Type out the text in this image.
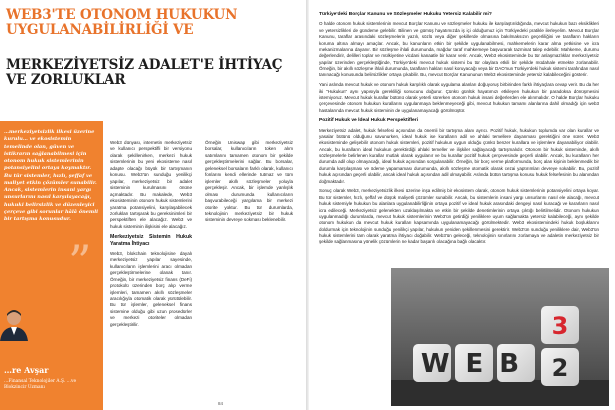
WEB3'TE OTONOM HUKUKUN UYGULANABİLİRLİĞİ VE
MERKEZİYETSİZ ADALET'E İHTİYAÇ VE ZORLUKLAR
…merkeziyetsizlik ilkesi üzerine kurulu… ve ekosistemin temelinde olan, güven ve istikrarın sağlanabilmesi için otonom hukuk sistemlerinin potansiyelini ortaya koymaktır. Bu tür sistemler, hızlı, şeffaf ve maliyet etkin çözümler sunabilir. Ancak, sistemlerin insani yargı unsurlarını nasıl karşılayacağı, hukuki belirsizlik ve düzenleyici çerçeve gibi sorunlar hâlâ önemli bir tartışma konusudur.
”
…re Avşar
…Finansal Teknolojiler A.Ş. …ve Blokzincir Uzmanı

Web3 dünyası, internetin merkeziyetsiz ve kullanıcı perspektifli bir versiyonu olarak şekillenirken, merkezi hukuk sistemlerinin bu yeni ekosisteme nasıl adapte olacağı büyük bir tartışmanın konusu. Web3'ün sunduğu yenilikçi yapılar, merkeziyetsiz bir adalet sisteminin kurulmasını önüne açmaktadır. Bu makalede, Web3 ekosisteminin otonom hukuk sistemlerini yaratma potansiyelini, karşılaşabilecek zorlukları tartışarak bu gereksinimleri bir perspektiften ele alacağız. Web3 ve hukuk sisteminin ilişkisini ele alacağız.

Merkeziyetsiz Sistemin Hukuk Yaratma İhtiyacı

Web3, blokchain teknolojisine dayalı merkeziyetsiz yapılar sayesinde, kullanıcıların işlemlerini aracı olmadan gerçekleştirmelerine olanak tanır. Örneğin, bir merkeziyetsiz finans (DeFi) protokolü üzerinden borç alıp verme işlemleri, tamamen akıllı sözleşmeler aracılığıyla otomatik olarak yürütülebilir. Bu tür işlemler, geleneksel finans sistemine olduğu gibi uzun prosedürler ve merkezi otoriteler olmadan gerçekleştirilir.

Örneğin Uniswap gibi merkeziyetsiz borsalar, kullanıcıların token alım satımlarını tamamen otonom bir şekilde gerçekleştirmelerini sağlar. Bu borsalar, geleneksel borsaların farklı olarak, kullanıcı fonlarını kendi ellerinde tutmaz ve tüm işlemler akıllı sözleşmeler yoluyla gerçekleşir. Ancak, bir işlemde yanlışlık olması durumunda kullanıcıların başvurabileceği yargılama bir merkezi otorite yoktur. Bu tür durumlarda, teknolojinin merkeziyetsiz bir hukuk sisteminin devreye sokması beklenebilir.

84
Türkiye'deki Borçlar Kanunu ve Sözleşmeler Hukuku Yetersiz Kalabilir mi?

O halde otonom hukuk sistemlerinin mevcut Borçlar Kanunu ve sözleşmeler hukuku ile karşılaştırıldığında, mevcut hukukun bazı eksiklikleri ve yetersizlikleri de gündeme gelebilir. Bilinen ve gümüş hayatımızda iş içi olduğumuz için Türkiyedeki pratikle ilerleyelim. Mevcut Borçlar Kanunu, taraflar arasındaki sözleşmelerin yazılı, sözlü veya diğer şekillerde olmasına bakılmaksızın geçerliliğini ve tarafların hakların koruma altına almayı amaçlar. Ancak, bu kanunların etkin bir şekilde uygulanabilmesi, mahkemelerin karar alma yetkisine ve icra mekanizmalarına dayanır. Bir sözleşme ihlali durumunda, mağdur taraf mahkemeye başvurarak tazminat talep edebilir. Mahkeme, durumu değerlendirir, delilleri toplar ve mülkiyetine vicdani kanaatle bir karar verir. Ancak, Web3 ekosisteminde bu tür anlaşmazlıklar merkeziyetsiz yapılar üzerinden gerçekleştiğinde, Türkiye'deki mevcut hukuk sistemi bu tür olaylara etkili bir şekilde müdahale etmekte zorlanabilir. Örneğin, bir akıllı sözleşme ihlali durumunda, tarafların hakları nasıl koruyacağı veya bir DAO'nun Türkiye'deki hukuk sistemi tarafından nasıl tanınacağı konusunda belirsizlikler ortaya çıkabilir. Bu, mevcut Borçlar Kanununun Web3 ekosisteminde yetersiz kalabileceğini gösterir.

Yani aslında mevcut hukuk ve otonom hukuk karşılıklı olarak uygulama alanları doğuyoruş birbirinden farklı ihtiyaçlara cevap verir. Bu da her iki "Hukukun" aynı yapısıyla gerekliliği sonucunu doğurur. Çünkü günlük hayatımızı etkileyen hukukun bir paradoksa dönüşmesini istemiyoruz. Mevcut hukuk kurallar bütünü olarak yeterli sürerken otonom hukuk insani değerlerden ele alınmalıdır. O halde Borçlar hukuku çerçevesinde otonom hukukun kurallarını uygulanmaya beklenmeyeceği gibi, mevcut hukukun tamamı alanlarına dahil olmadığı için web3 hastalarında mevcut hukuk sisteminin de uygulanamayacağı görülmüştür.

Pozitif Hukuk ve İdeal Hukuk Perspektifleri

Merkeziyetsiz adalet, hukuk felsefesi açısından da önemli bir tartışma alanı ayrıcı. Pozitif hukuk, hukukun toplumda var olan kurallar ve yasalar bütünü olduğunu savunurken, ideal hukuk ise kuralların adil ve ahlaki temellere dayanması gerektiğini öne sürer. Web3 ekosisteminde gelişebilir otonom hukuk sistemleri, pozitif hukukun uygun olduğu çünkü benzer kurallara ve işlemlere dayanabiliyor olabilir. Ancak, bu kuralların ideal hukukun gerektirdiği ahlaki temeller ve ilişkiler sağlayacağı tartışmalıdır. Otonom bir hukuk sisteminde, akıllı sözleşmelerle belirlenen kurallar mutlak olarak uygulanır ve bu kurallar pozitif hukuk çerçevesinde geçerli olabilir. Ancak, bu kuralların her durumda adil olup olmayacağı, ideal hukuk açısından sorgulanabilir. Örneğin, bir borç verme platformunda, borç alan kişinin beklenmedik bir durumla karşılaşması ve ödeme yapamaması durumunda, akıllı sözleşme otomatik olarak cezai yaptırımları devreye sokabilir. Bu, pozitif hukuk açısından geçerli olabilir, ancak ideal hukuk açısından adil olmayabilir. Aslında bütün tartışma konusu hukuk felsefesinin bu alanından doğmaktadır.

Sonuç olarak Web3, merkeziyetsizlik ilkesi üzerine inşa edilmiş bir ekosistem olarak, otonom hukuk sistemlerinin potansiyelini ortaya koyar. Bu tür sistemler, hızlı, şeffaf ve düşük maliyetli çözümler sunabilir. Ancak, bu sistemlerin insani yargı unsurlarını nasıl ele alacağı, mevcut hukuk sistemiyle hukukun bu alanlara uygulanabilirliğinin ortaya pozitif ve ideal hukuk arasındaki dengeyi nasıl kuracağı ve kararların nasıl icra edileceği. Merkeziyetsiz gelenekten uzaklaşılmakta ve etkin bir şekilde denetimlerinin ortaya çıktığı belirtilmelidir. Otonom hukukun uygulanmadığı durumlarda, mevcut hukuk sistemlerinin Web3'ün getirdiği yeniliklere uyum sağlamakta yetersiz kalabileceği, aynı şekilde otonom hukukun da mevcut hukuk kuralları kapsamında uygulanamayacağı görülmektedir. Web3 ekosistemindeki hukuk boşluklarını doldurmak için teknolojinin sunduğu yenilikçi yapılar, hukukun yeniden şekillenmesini gerektirir. Web3'ün sunduğu yeniliklere dair, Web3'ün hukuk sistemlerini tam olarak yaratma ihtiyacı doğabilir. Web3'ün geleceği, teknolojinin sınırlarını zorlamaya ve adaletin merkeziyetsiz bir şekilde sağlanmasına yönelik çözümlerin ne kadar başarılı olacağına bağlı olacaktır.

WEB
3
2
